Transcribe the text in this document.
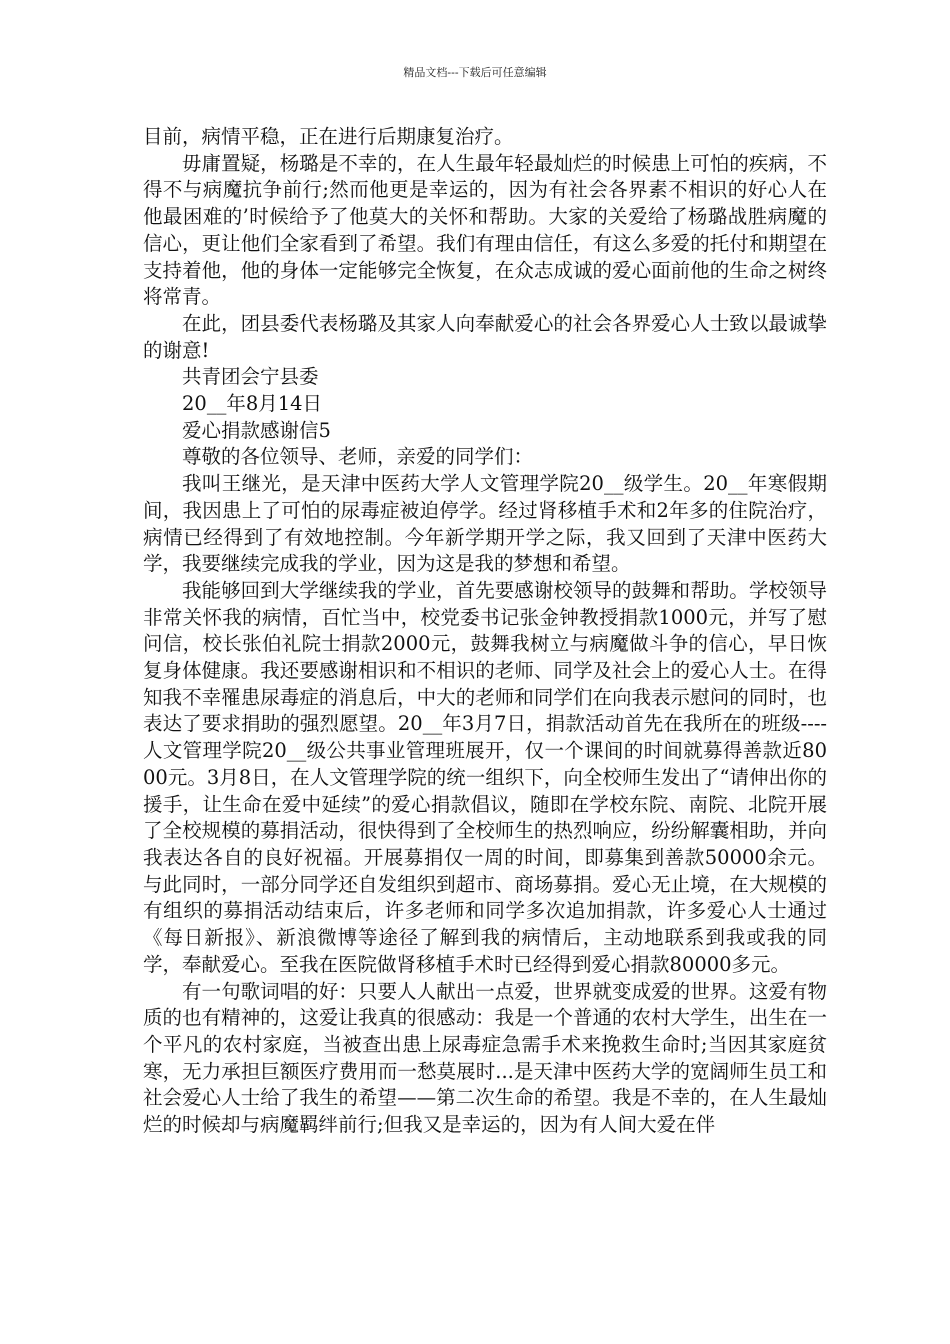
精品文档---下载后可任意编辑

目前，病情平稳，正在进行后期康复治疗。

毋庸置疑，杨璐是不幸的，在人生最年轻最灿烂的时候患上可怕的疾病，不得不与病魔抗争前行;然而他更是幸运的，因为有社会各界素不相识的好心人在他最困难的’时候给予了他莫大的关怀和帮助。大家的关爱给了杨璐战胜病魔的信心，更让他们全家看到了希望。我们有理由信任，有这么多爱的托付和期望在支持着他，他的身体一定能够完全恢复，在众志成诚的爱心面前他的生命之树终将常青。

在此，团县委代表杨璐及其家人向奉献爱心的社会各界爱心人士致以最诚挚的谢意!

共青团会宁县委

20__年8月14日

爱心捐款感谢信5

尊敬的各位领导、老师，亲爱的同学们：

我叫王继光，是天津中医药大学人文管理学院20__级学生。20__年寒假期间，我因患上了可怕的尿毒症被迫停学。经过肾移植手术和2年多的住院治疗，病情已经得到了有效地控制。今年新学期开学之际，我又回到了天津中医药大学，我要继续完成我的学业，因为这是我的梦想和希望。

我能够回到大学继续我的学业，首先要感谢校领导的鼓舞和帮助。学校领导非常关怀我的病情，百忙当中，校党委书记张金钟教授捐款1000元，并写了慰问信，校长张伯礼院士捐款2000元，鼓舞我树立与病魔做斗争的信心，早日恢复身体健康。我还要感谢相识和不相识的老师、同学及社会上的爱心人士。在得知我不幸罹患尿毒症的消息后，中大的老师和同学们在向我表示慰问的同时，也表达了要求捐助的强烈愿望。20__年3月7日，捐款活动首先在我所在的班级----人文管理学院20__级公共事业管理班展开，仅一个课间的时间就募得善款近8000元。3月8日，在人文管理学院的统一组织下，向全校师生发出了“请伸出你的援手，让生命在爱中延续”的爱心捐款倡议，随即在学校东院、南院、北院开展了全校规模的募捐活动，很快得到了全校师生的热烈响应，纷纷解囊相助，并向我表达各自的良好祝福。开展募捐仅一周的时间，即募集到善款50000余元。与此同时，一部分同学还自发组织到超市、商场募捐。爱心无止境，在大规模的有组织的募捐活动结束后，许多老师和同学多次追加捐款，许多爱心人士通过《每日新报》、新浪微博等途径了解到我的病情后，主动地联系到我或我的同学，奉献爱心。至我在医院做肾移植手术时已经得到爱心捐款80000多元。

有一句歌词唱的好：只要人人献出一点爱，世界就变成爱的世界。这爱有物质的也有精神的，这爱让我真的很感动：我是一个普通的农村大学生，出生在一个平凡的农村家庭，当被查出患上尿毒症急需手术来挽救生命时;当因其家庭贫寒，无力承担巨额医疗费用而一愁莫展时...是天津中医药大学的宽阔师生员工和社会爱心人士给了我生的希望——第二次生命的希望。我是不幸的，在人生最灿烂的时候却与病魔羁绊前行;但我又是幸运的，因为有人间大爱在伴
